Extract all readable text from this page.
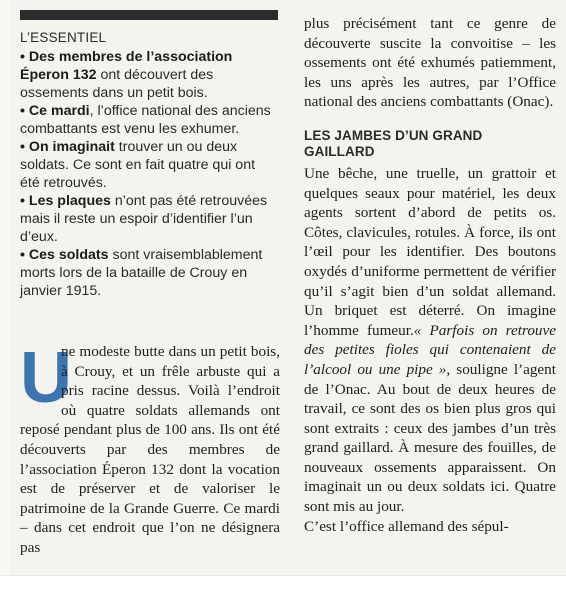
L’ESSENTIEL

• Des membres de l’association Éperon 132 ont découvert des ossements dans un petit bois.

• Ce mardi, l’office national des anciens combattants est venu les exhumer.

• On imaginait trouver un ou deux soldats. Ce sont en fait quatre qui ont été retrouvés.

• Les plaques n’ont pas été retrouvées mais il reste un espoir d’identifier l’un d’eux.

• Ces soldats sont vraisemblablement morts lors de la bataille de Crouy en janvier 1915.

U
ne modeste butte dans un petit bois, à Crouy, et un frêle arbuste qui a pris racine dessus. Voilà l’endroit où quatre soldats allemands ont reposé pendant plus de 100 ans. Ils ont été découverts par des membres de l’association Éperon 132 dont la vocation est de préserver et de valoriser le patrimoine de la Grande Guerre. Ce mardi – dans cet endroit que l’on ne désignera pas

plus précisément tant ce genre de découverte suscite la convoitise – les ossements ont été exhumés patiemment, les uns après les autres, par l’Office national des anciens combattants (Onac).

LES JAMBES D’UN GRAND GAILLARD

Une bêche, une truelle, un grattoir et quelques seaux pour matériel, les deux agents sortent d’abord de petits os. Côtes, clavicules, rotules. À force, ils ont l’œil pour les identifier. Des boutons oxydés d’uniforme permettent de vérifier qu’il s’agit bien d’un soldat allemand. Un briquet est déterré. On imagine l’homme fumeur.« Parfois on retrouve des petites fioles qui contenaient de l’alcool ou une pipe », souligne l’agent de l’Onac. Au bout de deux heures de travail, ce sont des os bien plus gros qui sont extraits : ceux des jambes d’un très grand gaillard. À mesure des fouilles, de nouveaux ossements apparaissent. On imaginait un ou deux soldats ici. Quatre sont mis au jour.

C’est l’office allemand des sépul-
